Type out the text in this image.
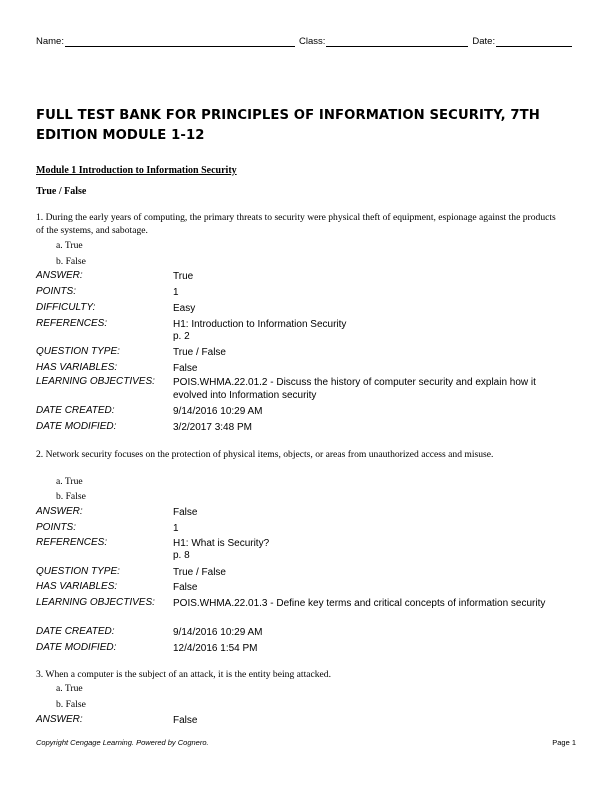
Name:	Class:	Date:
FULL TEST BANK FOR PRINCIPLES OF INFORMATION SECURITY, 7TH EDITION MODULE 1-12
Module 1 Introduction to Information Security
True / False
1. During the early years of computing, the primary threats to security were physical theft of equipment, espionage against the products of the systems, and sabotage.
a. True
b. False
ANSWER:	True
POINTS:	1
DIFFICULTY:	Easy
REFERENCES:	H1: Introduction to Information Security
p. 2
QUESTION TYPE:	True / False
HAS VARIABLES:	False
LEARNING OBJECTIVES: POIS.WHMA.22.01.2 - Discuss the history of computer security and explain how it evolved into Information security
DATE CREATED:	9/14/2016 10:29 AM
DATE MODIFIED:	3/2/2017 3:48 PM
2. Network security focuses on the protection of physical items, objects, or areas from unauthorized access and misuse.
a. True
b. False
ANSWER:	False
POINTS:	1
REFERENCES:	H1: What is Security?
p. 8
QUESTION TYPE:	True / False
HAS VARIABLES:	False
LEARNING OBJECTIVES: POIS.WHMA.22.01.3 - Define key terms and critical concepts of information security
DATE CREATED:	9/14/2016 10:29 AM
DATE MODIFIED:	12/4/2016 1:54 PM
3. When a computer is the subject of an attack, it is the entity being attacked.
a. True
b. False
ANSWER:	False
Copyright Cengage Learning. Powered by Cognero.	Page 1
